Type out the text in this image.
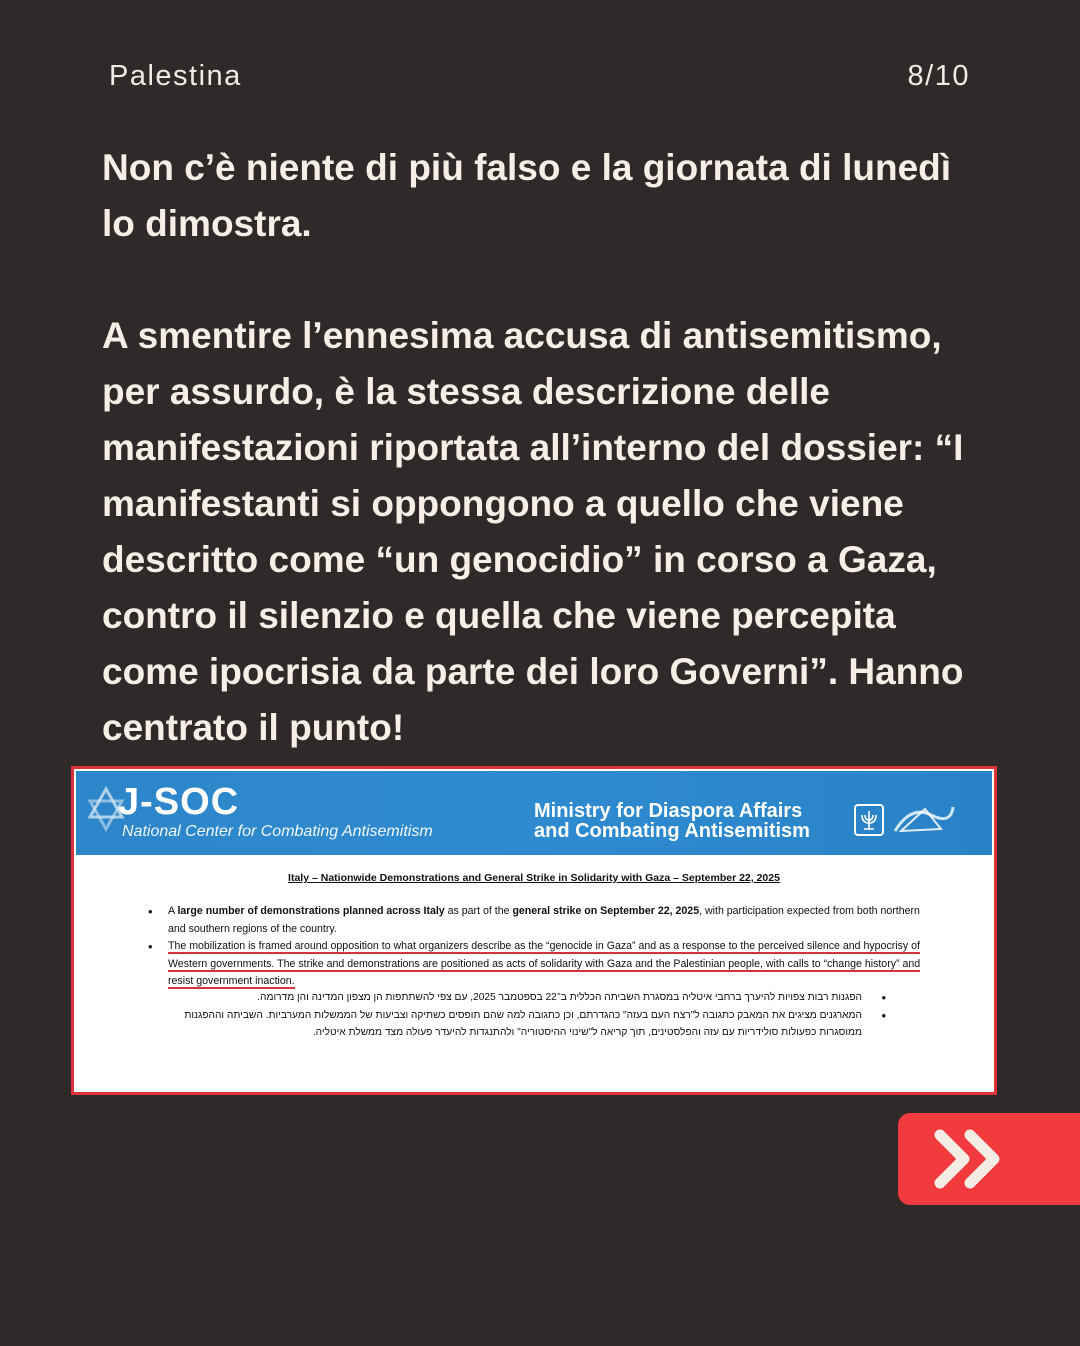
Palestina	8/10

Non c’è niente di più falso e la giornata di lunedì lo dimostra.

A smentire l’ennesima accusa di antisemitismo, per assurdo, è la stessa descrizione delle manifestazioni riportata all’interno del dossier: “I manifestanti si oppongono a quello che viene descritto come “un genocidio” in corso a Gaza, contro il silenzio e quella che viene percepita come ipocrisia da parte dei loro Governi”. Hanno centrato il punto!

J-SOC
National Center for Combating Antisemitism
Ministry for Diaspora Affairs
and Combating Antisemitism
Italy – Nationwide Demonstrations and General Strike in Solidarity with Gaza – September 22, 2025
• A large number of demonstrations planned across Italy as part of the general strike on September 22, 2025, with participation expected from both northern and southern regions of the country.
• The mobilization is framed around opposition to what organizers describe as the “genocide in Gaza” and as a response to the perceived silence and hypocrisy of Western governments. The strike and demonstrations are positioned as acts of solidarity with Gaza and the Palestinian people, with calls to “change history” and resist government inaction.
• הפגנות רבות צפויות להיערך ברחבי איטליה במסגרת השביתה הכללית ב־22 בספטמבר 2025, עם צפי להשתתפות הן מצפון המדינה והן מדרומה.
• המארגנים מציגים את המאבק כתגובה ל"רצח העם בעזה" כהגדרתם, וכן כתגובה למה שהם תופסים כשתיקה וצביעות של הממשלות המערביות. השביתה וההפגנות ממוסגרות כפעולות סולידריות עם עזה והפלסטינים, תוך קריאה ל"שינוי ההיסטוריה" ולהתנגדות להיעדר פעולה מצד ממשלת איטליה.
